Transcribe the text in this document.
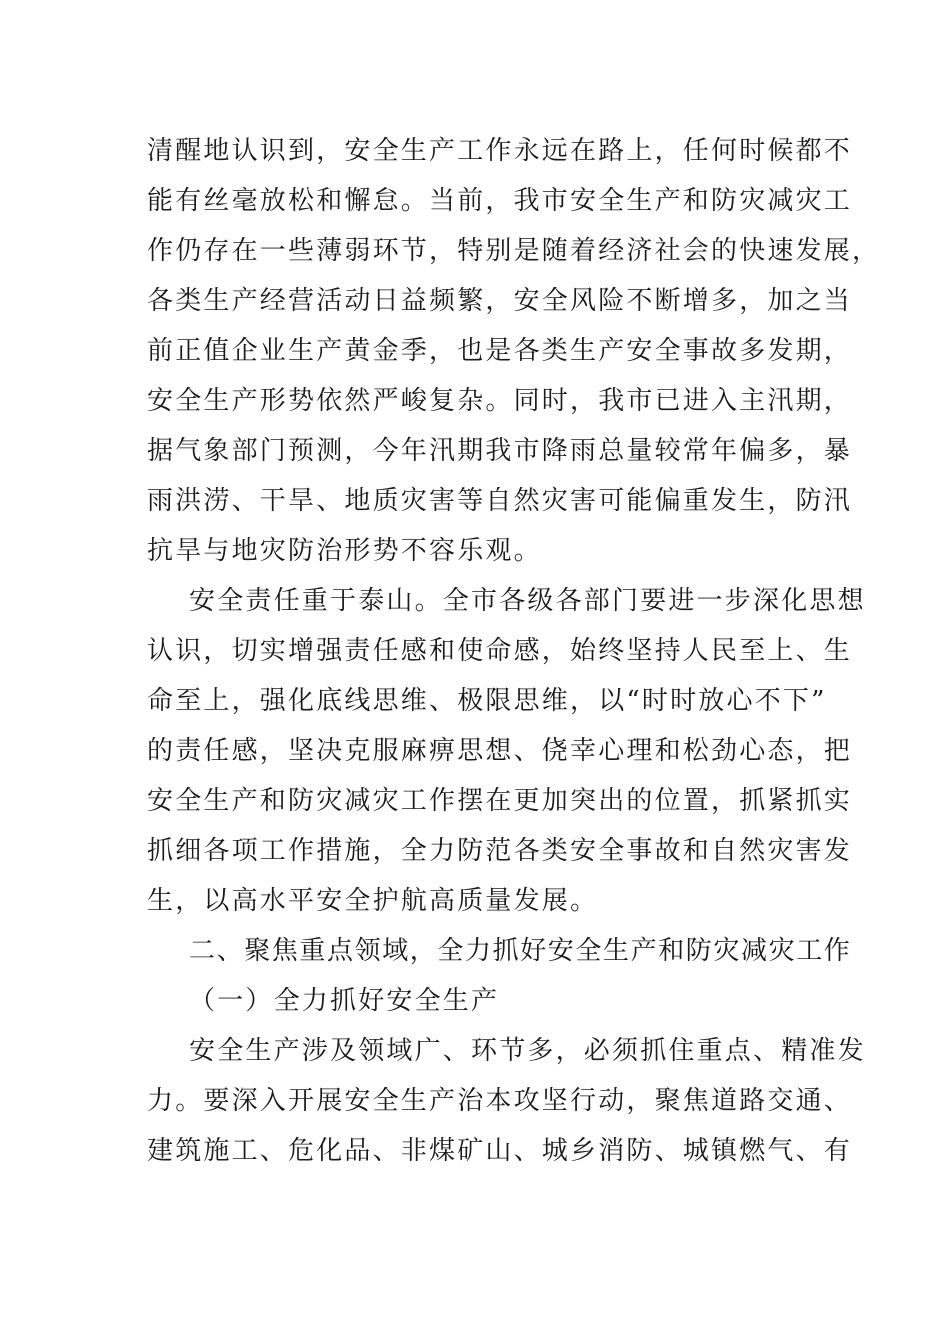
清醒地认识到，安全生产工作永远在路上，任何时候都不
能有丝毫放松和懈怠。当前，我市安全生产和防灾减灾工
作仍存在一些薄弱环节，特别是随着经济社会的快速发展，
各类生产经营活动日益频繁，安全风险不断增多，加之当
前正值企业生产黄金季，也是各类生产安全事故多发期，
安全生产形势依然严峻复杂。同时，我市已进入主汛期，
据气象部门预测，今年汛期我市降雨总量较常年偏多，暴
雨洪涝、干旱、地质灾害等自然灾害可能偏重发生，防汛
抗旱与地灾防治形势不容乐观。
安全责任重于泰山。全市各级各部门要进一步深化思想
认识，切实增强责任感和使命感，始终坚持人民至上、生
命至上，强化底线思维、极限思维，以“时时放心不下”
的责任感，坚决克服麻痹思想、侥幸心理和松劲心态，把
安全生产和防灾减灾工作摆在更加突出的位置，抓紧抓实
抓细各项工作措施，全力防范各类安全事故和自然灾害发
生，以高水平安全护航高质量发展。
二、聚焦重点领域，全力抓好安全生产和防灾减灾工作
（一）全力抓好安全生产
安全生产涉及领域广、环节多，必须抓住重点、精准发
力。要深入开展安全生产治本攻坚行动，聚焦道路交通、
建筑施工、危化品、非煤矿山、城乡消防、城镇燃气、有
